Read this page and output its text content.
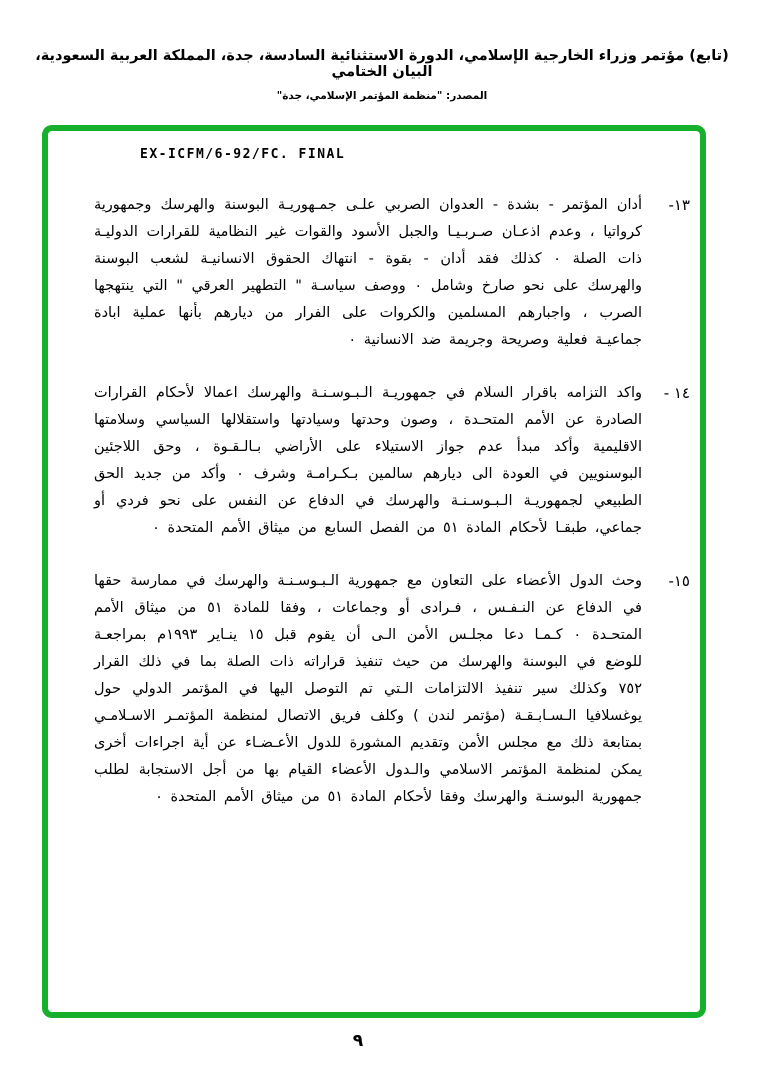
(تابع) مؤتمر وزراء الخارجية الإسلامي، الدورة الاستثنائية السادسة، جدة، المملكة العربية السعودية، البيان الختامي
المصدر: "منظمة المؤتمر الإسلامي، جدة"
EX-ICFM/6-92/FC. FINAL
١٣-
أدان المؤتمر - بشدة - العدوان الصربي علـى جمـهوريـة البوسنة والهرسك وجمهورية كرواتيا ، وعدم اذعـان صـربـيـا والجبل الأسود والقوات غير النظامية للقرارات الدوليـة ذات الصلة ٠ كذلك فقد أدان - بقوة - انتهاك الحقوق الانسانيـة لشعب البوسنة والهرسك على نحو صارخ وشامل ٠ ووصف سياسـة " التطهير العرقي " التي ينتهجها الصرب ، واجبارهم المسلمين والكروات على الفرار من ديارهم بأنها عملية ابادة جماعيـة فعلية وصريحة وجريمة ضد الانسانية ٠
١٤ -
واكد التزامه باقرار السلام في جمهوريـة الـبـوسـنـة والهرسك اعمالا لأحكام القرارات الصادرة عن الأمم المتحـدة ، وصون وحدتها وسيادتها واستقلالها السياسي وسلامتها الاقليمية وأكد مبدأ عدم جواز الاستيلاء على الأراضي بـالـقـوة ، وحق اللاجئين البوسنويين في العودة الى ديارهم سالمين بـكـرامـة وشرف ٠ وأكد من جديد الحق الطبيعي لجمهوريـة الـبـوسـنـة والهرسك في الدفاع عن النفس على نحو فردي أو جماعي، طبقـا لأحكام المادة ٥١ من الفصل السابع من ميثاق الأمم المتحدة ٠
١٥-
وحث الدول الأعضاء على التعاون مع جمهورية الـبـوسـنـة والهرسك في ممارسة حقها في الدفاع عن النـفـس ، فـرادى أو وجماعات ، وفقا للمادة ٥١ من ميثاق الأمم المتحـدة ٠ كـمـا دعا مجلـس الأمن الـى أن يقوم قبل ١٥ ينـاير ١٩٩٣م بمراجعـة للوضع في البوسنة والهرسك من حيث تنفيذ قراراته ذات الصلة بما في ذلك القرار ٧٥٢ وكذلك سير تنفيذ الالتزامات الـتي تم التوصل اليها في المؤتمر الدولي حول يوغسلافيا الـسـابـقـة (مؤتمر لندن ) وكلف فريق الاتصال لمنظمة المؤتمـر الاسـلامـي بمتابعة ذلك مع مجلس الأمن وتقديم المشورة للدول الأعـضـاء عن أية اجراءات أخرى يمكن لمنظمة المؤتمر الاسلامي والـدول الأعضاء القيام بها من أجل الاستجابة لطلب جمهورية البوسنـة والهرسك وفقا لأحكام المادة ٥١ من ميثاق الأمم المتحدة ٠
٩
